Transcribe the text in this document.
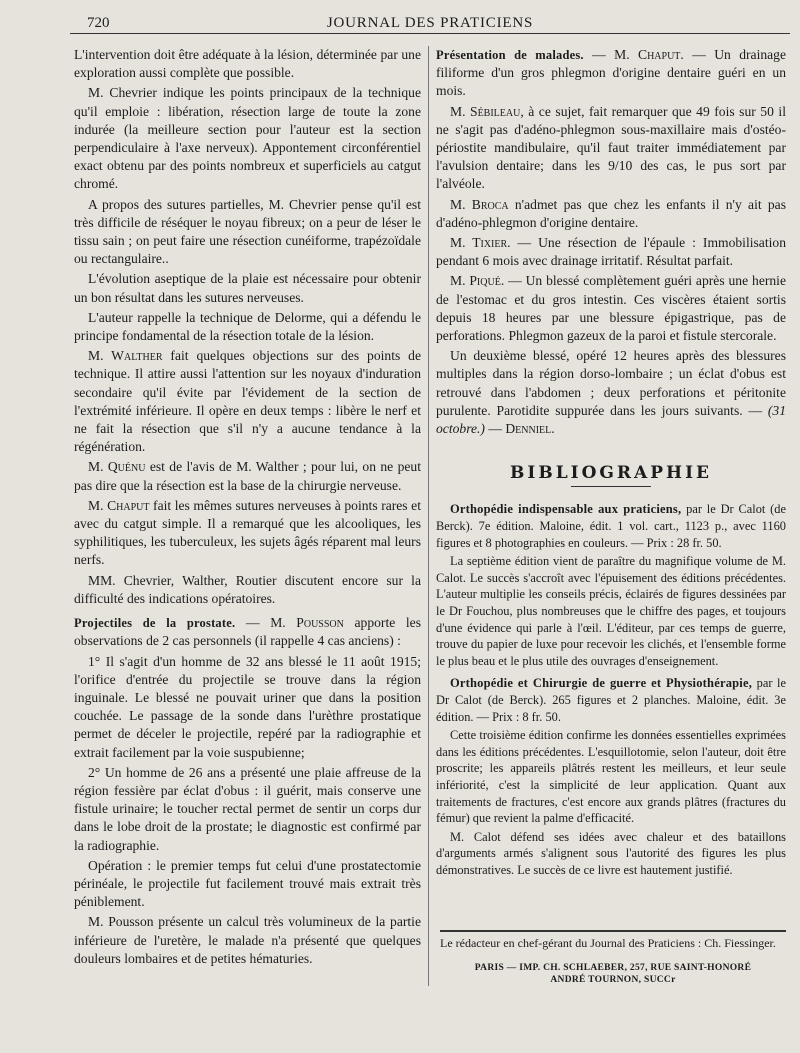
720	JOURNAL DES PRATICIENS

L'intervention doit être adéquate à la lésion, déterminée par une exploration aussi complète que possible.

M. Chevrier indique les points principaux de la technique qu'il emploie : libération, résection large de toute la zone indurée (la meilleure section pour l'auteur est la section perpendiculaire à l'axe nerveux). Appontement circonférentiel exact obtenu par des points nombreux et superficiels au catgut chromé.

A propos des sutures partielles, M. Chevrier pense qu'il est très difficile de réséquer le noyau fibreux; on a peur de léser le tissu sain ; on peut faire une résection cunéiforme, trapézoïdale ou rectangulaire..

L'évolution aseptique de la plaie est nécessaire pour obtenir un bon résultat dans les sutures nerveuses.

L'auteur rappelle la technique de Delorme, qui a défendu le principe fondamental de la résection totale de la lésion.

M. Walther fait quelques objections sur des points de technique. Il attire aussi l'attention sur les noyaux d'induration secondaire qu'il évite par l'évidement de la section de l'extrémité inférieure. Il opère en deux temps : libère le nerf et ne fait la résection que s'il n'y a aucune tendance à la régénération.

M. Quénu est de l'avis de M. Walther ; pour lui, on ne peut pas dire que la résection est la base de la chirurgie nerveuse.

M. Chaput fait les mêmes sutures nerveuses à points rares et avec du catgut simple. Il a remarqué que les alcooliques, les syphilitiques, les tuberculeux, les sujets âgés réparent mal leurs nerfs.

MM. Chevrier, Walther, Routier discutent encore sur la difficulté des indications opératoires.

Projectiles de la prostate. — M. Pousson apporte les observations de 2 cas personnels (il rappelle 4 cas anciens) :

1° Il s'agit d'un homme de 32 ans blessé le 11 août 1915; l'orifice d'entrée du projectile se trouve dans la région inguinale. Le blessé ne pouvait uriner que dans la position couchée. Le passage de la sonde dans l'urèthre prostatique permet de déceler le projectile, repéré par la radiographie et extrait facilement par la voie suspubienne;

2° Un homme de 26 ans a présenté une plaie affreuse de la région fessière par éclat d'obus : il guérit, mais conserve une fistule urinaire; le toucher rectal permet de sentir un corps dur dans le lobe droit de la prostate; le diagnostic est confirmé par la radiographie.

Opération : le premier temps fut celui d'une prostatectomie périnéale, le projectile fut facilement trouvé mais extrait très péniblement.

M. Pousson présente un calcul très volumineux de la partie inférieure de l'uretère, le malade n'a présenté que quelques douleurs lombaires et de petites hématuries.

Présentation de malades. — M. Chaput. — Un drainage filiforme d'un gros phlegmon d'origine dentaire guéri en un mois.

M. Sébileau, à ce sujet, fait remarquer que 49 fois sur 50 il ne s'agit pas d'adéno-phlegmon sous-maxillaire mais d'ostéo-périostite mandibulaire, qu'il faut traiter immédiatement par l'avulsion dentaire; dans les 9/10 des cas, le pus sort par l'alvéole.

M. Broca n'admet pas que chez les enfants il n'y ait pas d'adéno-phlegmon d'origine dentaire.

M. Tixier. — Une résection de l'épaule : Immobilisation pendant 6 mois avec drainage irritatif. Résultat parfait.

M. Piqué. — Un blessé complètement guéri après une hernie de l'estomac et du gros intestin. Ces viscères étaient sortis depuis 18 heures par une blessure épigastrique, pas de perforations. Phlegmon gazeux de la paroi et fistule stercorale.

Un deuxième blessé, opéré 12 heures après des blessures multiples dans la région dorso-lombaire ; un éclat d'obus est retrouvé dans l'abdomen ; deux perforations et péritonite purulente. Parotidite suppurée dans les jours suivants. — (31 octobre.) — Denniel.

BIBLIOGRAPHIE

Orthopédie indispensable aux praticiens, par le Dr Calot (de Berck). 7e édition. Maloine, édit. 1 vol. cart., 1123 p., avec 1160 figures et 8 photographies en couleurs. — Prix : 28 fr. 50.

La septième édition vient de paraître du magnifique volume de M. Calot. Le succès s'accroît avec l'épuisement des éditions précédentes. L'auteur multiplie les conseils précis, éclairés de figures dessinées par le Dr Fouchou, plus nombreuses que le chiffre des pages, et toujours d'une évidence qui parle à l'œil. L'éditeur, par ces temps de guerre, trouve du papier de luxe pour recevoir les clichés, et l'ensemble forme le plus beau et le plus utile des ouvrages d'enseignement.

Orthopédie et Chirurgie de guerre et Physiothérapie, par le Dr Calot (de Berck). 265 figures et 2 planches. Maloine, édit. 3e édition. — Prix : 8 fr. 50.

Cette troisième édition confirme les données essentielles exprimées dans les éditions précédentes. L'esquillotomie, selon l'auteur, doit être proscrite; les appareils plâtrés restent les meilleurs, et leur seule infériorité, c'est la simplicité de leur application. Quant aux traitements de fractures, c'est encore aux grands plâtres (fractures du fémur) que revient la palme d'efficacité.

M. Calot défend ses idées avec chaleur et des bataillons d'arguments armés s'alignent sous l'autorité des figures les plus démonstratives. Le succès de ce livre est hautement justifié.

Le rédacteur en chef-gérant du Journal des Praticiens : Ch. Fiessinger.
PARIS — IMP. CH. SCHLAEBER, 257, RUE SAINT-HONORÉ
ANDRÉ TOURNON, SUCCr
